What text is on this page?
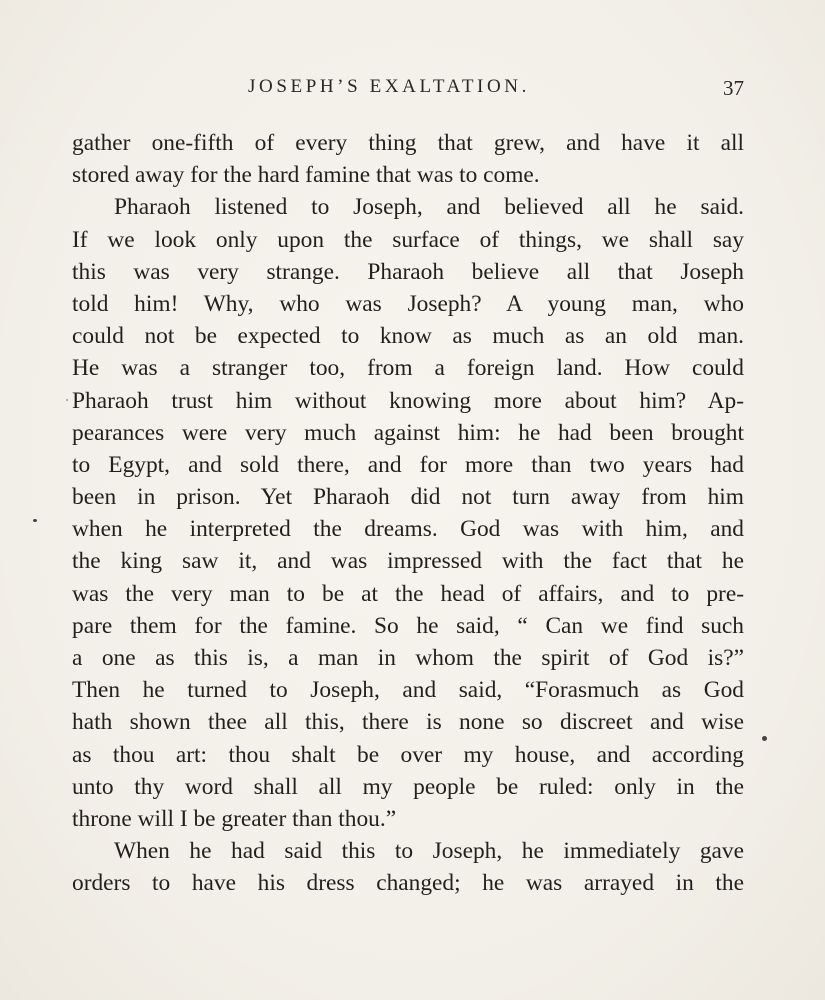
JOSEPH’S EXALTATION.	37
gather one-fifth of every thing that grew, and have it all
stored away for the hard famine that was to come.
Pharaoh listened to Joseph, and believed all he said.
If we look only upon the surface of things, we shall say
this was very strange. Pharaoh believe all that Joseph
told him! Why, who was Joseph? A young man, who
could not be expected to know as much as an old man.
He was a stranger too, from a foreign land. How could
Pharaoh trust him without knowing more about him? Ap-
pearances were very much against him: he had been brought
to Egypt, and sold there, and for more than two years had
been in prison. Yet Pharaoh did not turn away from him
when he interpreted the dreams. God was with him, and
the king saw it, and was impressed with the fact that he
was the very man to be at the head of affairs, and to pre-
pare them for the famine. So he said, “ Can we find such
a one as this is, a man in whom the spirit of God is?”
Then he turned to Joseph, and said, “Forasmuch as God
hath shown thee all this, there is none so discreet and wise
as thou art: thou shalt be over my house, and according
unto thy word shall all my people be ruled: only in the
throne will I be greater than thou.”
When he had said this to Joseph, he immediately gave
orders to have his dress changed; he was arrayed in the
